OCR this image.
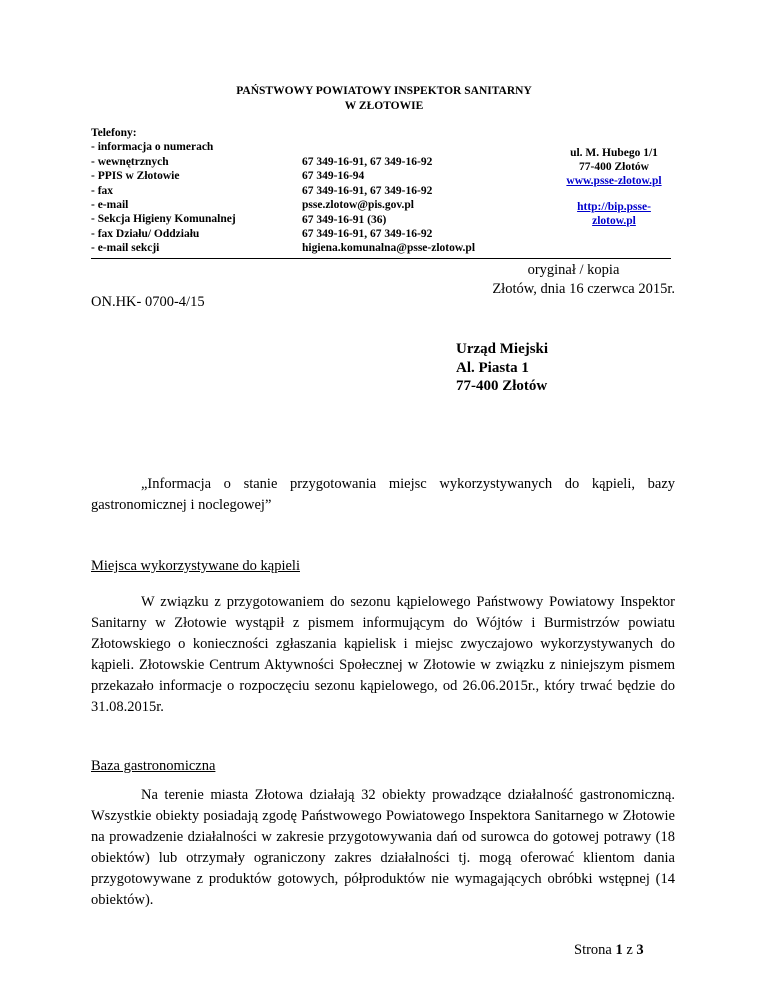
PAŃSTWOWY POWIATOWY INSPEKTOR SANITARNY
W ZŁOTOWIE
Telefony:
- informacja o numerach
- wewnętrznych
- PPIS w Złotowie
- fax
- e-mail
- Sekcja Higieny Komunalnej
- fax Działu/ Oddziału
- e-mail sekcji
67 349-16-91, 67 349-16-92
67 349-16-94
67 349-16-91, 67 349-16-92
psse.zlotow@pis.gov.pl
67 349-16-91 (36)
67 349-16-91, 67 349-16-92
higiena.komunalna@psse-zlotow.pl
ul. M. Hubego 1/1
77-400 Złotów
www.psse-zlotow.pl
http://bip.psse-
zlotow.pl
oryginał / kopia
Złotów, dnia 16 czerwca 2015r.
ON.HK- 0700-4/15
Urząd Miejski
Al. Piasta 1
77-400 Złotów

„Informacja o stanie przygotowania miejsc wykorzystywanych do kąpieli, bazy gastronomicznej i noclegowej”

Miejsca wykorzystywane do kąpieli

W związku z przygotowaniem do sezonu kąpielowego Państwowy Powiatowy Inspektor Sanitarny w Złotowie wystąpił z pismem informującym do Wójtów i Burmistrzów powiatu Złotowskiego o konieczności zgłaszania kąpielisk i miejsc zwyczajowo wykorzystywanych do kąpieli. Złotowskie Centrum Aktywności Społecznej w Złotowie w związku z niniejszym pismem przekazało informacje o rozpoczęciu sezonu kąpielowego, od 26.06.2015r., który trwać będzie do 31.08.2015r.

Baza gastronomiczna

Na terenie miasta Złotowa działają 32 obiekty prowadzące działalność gastronomiczną. Wszystkie obiekty posiadają zgodę Państwowego Powiatowego Inspektora Sanitarnego w Złotowie na prowadzenie działalności w zakresie przygotowywania dań od surowca do gotowej potrawy (18 obiektów) lub otrzymały ograniczony zakres działalności tj. mogą oferować klientom dania przygotowywane z produktów gotowych, półproduktów nie wymagających obróbki wstępnej (14 obiektów).

Strona 1 z 3
